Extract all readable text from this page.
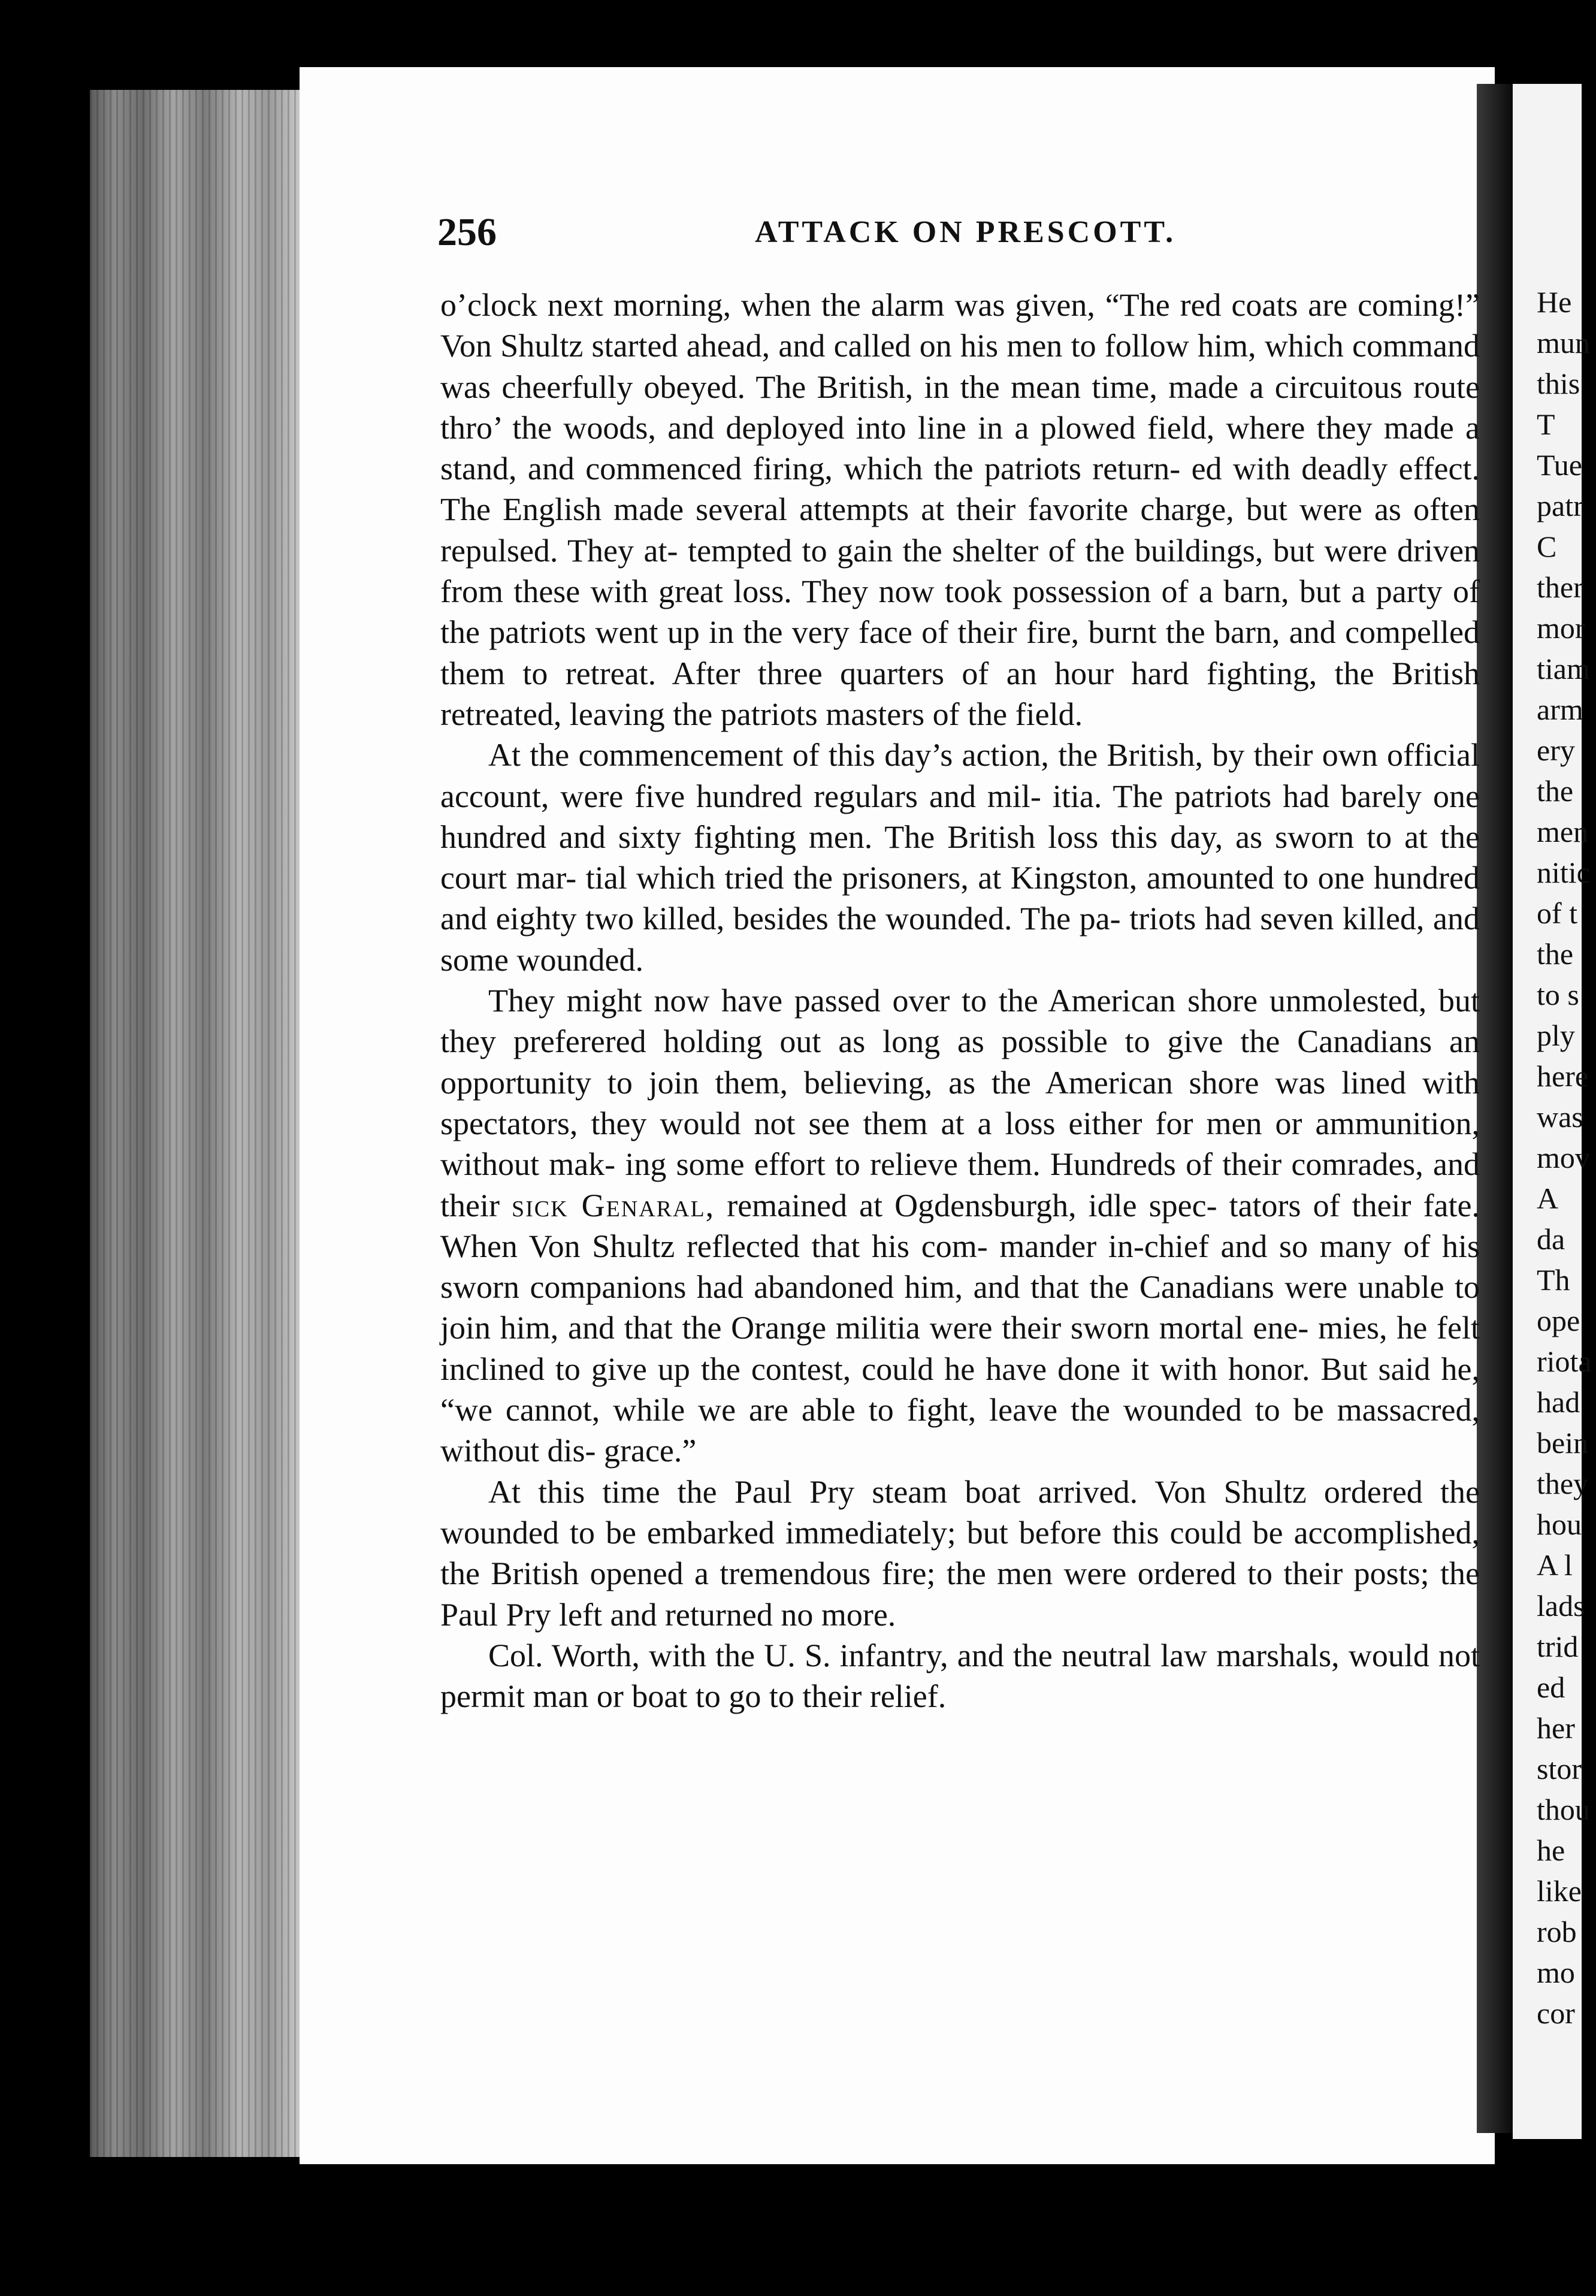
He
mun
this
T
Tue
patr
C
ther
mor
tiam
arm
ery
the
men
nitic
of t
the
to s
ply
here
was
mov
A
da
Th
ope
riota
had
bein
they
hou
A l
lads
trid
ed
her
stor
thou
he
like
rob
mo
cor
256	ATTACK ON PRESCOTT.

o’clock next morning, when the alarm was given, “The red coats are coming!” Von Shultz started ahead, and called on his men to follow him, which command was cheerfully obeyed. The British, in the mean time, made a circuitous route thro’ the woods, and deployed into line in a plowed field, where they made a stand, and commenced firing, which the patriots return- ed with deadly effect. The English made several attempts at their favorite charge, but were as often repulsed. They at- tempted to gain the shelter of the buildings, but were driven from these with great loss. They now took possession of a barn, but a party of the patriots went up in the very face of their fire, burnt the barn, and compelled them to retreat. After three quarters of an hour hard fighting, the British retreated, leaving the patriots masters of the field.

At the commencement of this day’s action, the British, by their own official account, were five hundred regulars and mil- itia. The patriots had barely one hundred and sixty fighting men. The British loss this day, as sworn to at the court mar- tial which tried the prisoners, at Kingston, amounted to one hundred and eighty two killed, besides the wounded. The pa- triots had seven killed, and some wounded.

They might now have passed over to the American shore unmolested, but they preferered holding out as long as possible to give the Canadians an opportunity to join them, believing, as the American shore was lined with spectators, they would not see them at a loss either for men or ammunition, without mak- ing some effort to relieve them. Hundreds of their comrades, and their sick Genaral, remained at Ogdensburgh, idle spec- tators of their fate. When Von Shultz reflected that his com- mander in-chief and so many of his sworn companions had abandoned him, and that the Canadians were unable to join him, and that the Orange militia were their sworn mortal ene- mies, he felt inclined to give up the contest, could he have done it with honor. But said he, “we cannot, while we are able to fight, leave the wounded to be massacred, without dis- grace.”

At this time the Paul Pry steam boat arrived. Von Shultz ordered the wounded to be embarked immediately; but before this could be accomplished, the British opened a tremendous fire; the men were ordered to their posts; the Paul Pry left and returned no more.

Col. Worth, with the U. S. infantry, and the neutral law marshals, would not permit man or boat to go to their relief.
